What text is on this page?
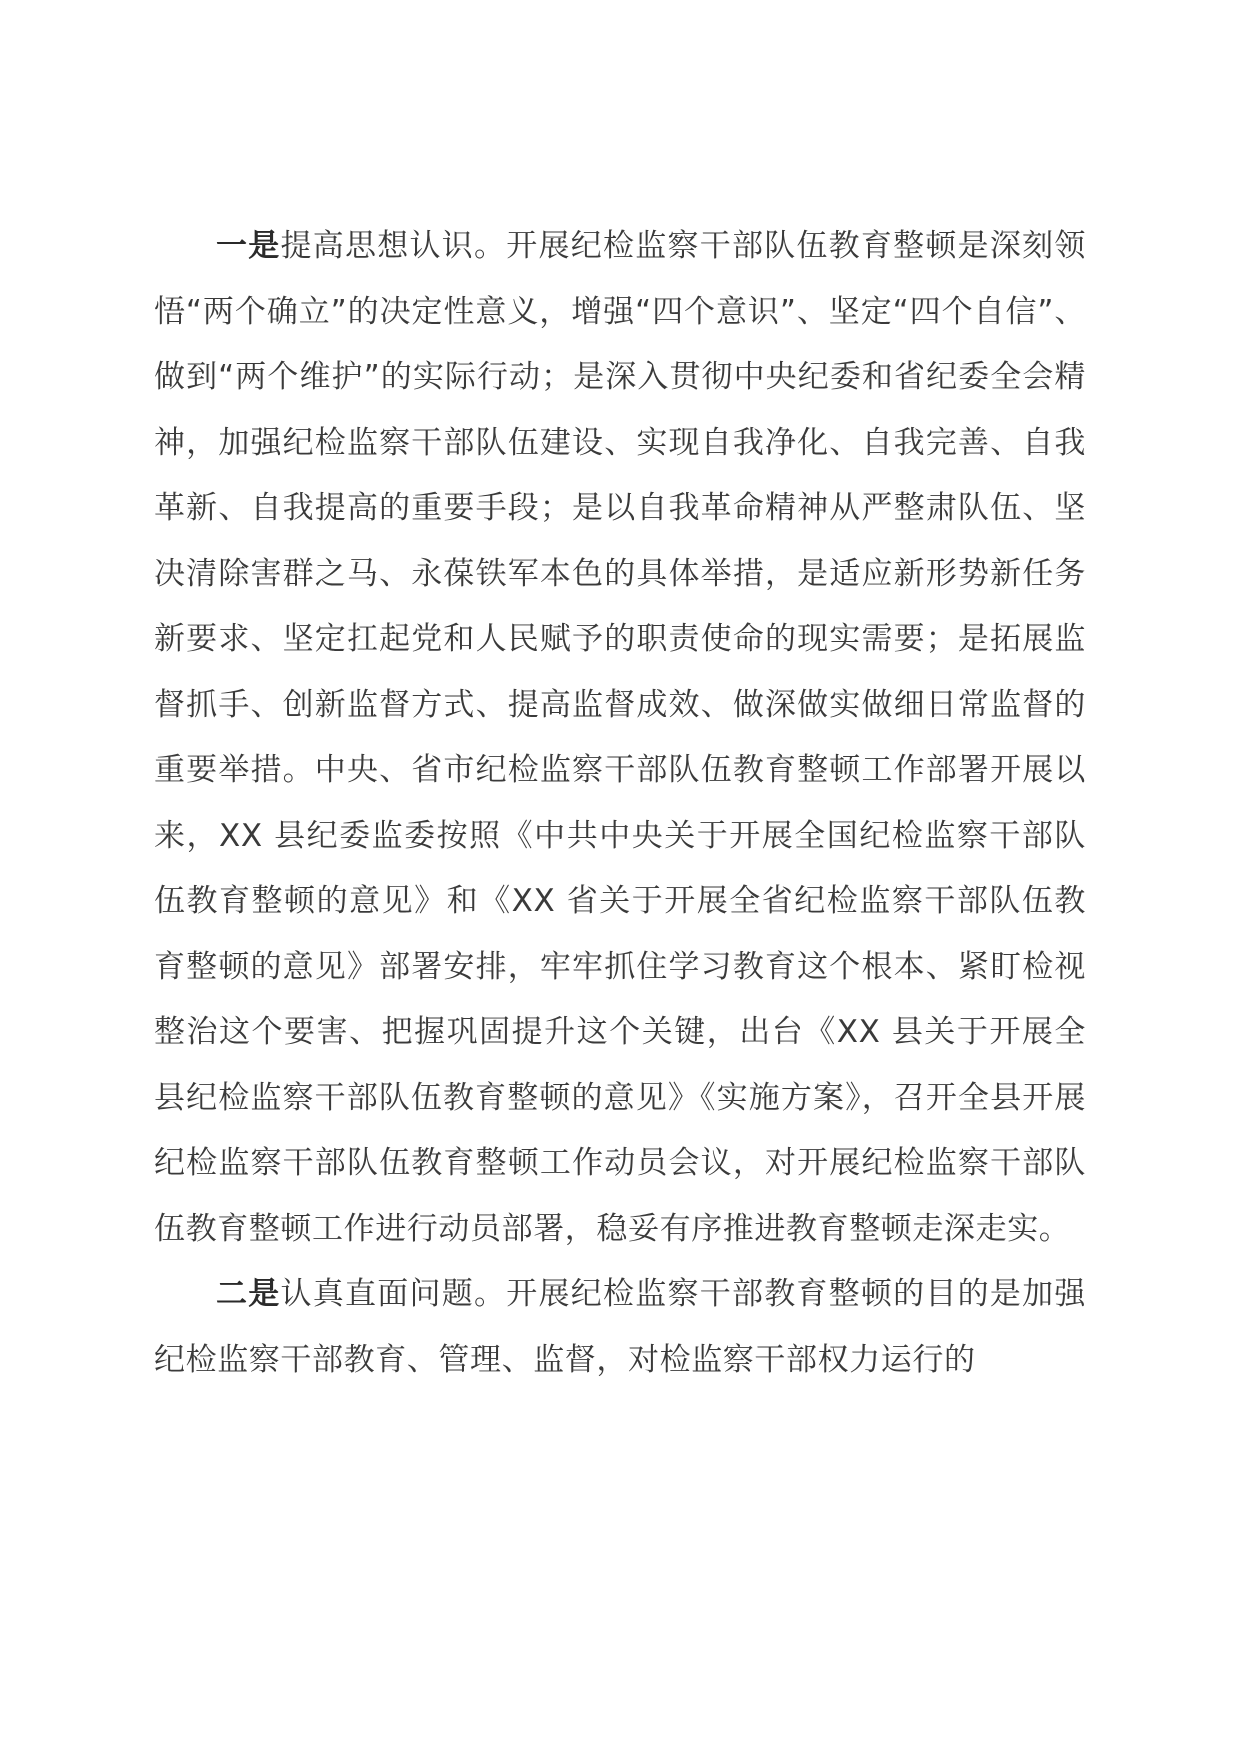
一是提高思想认识。开展纪检监察干部队伍教育整顿是深刻领悟“两个确立”的决定性意义，增强“四个意识”、坚定“四个自信”、做到“两个维护”的实际行动；是深入贯彻中央纪委和省纪委全会精神，加强纪检监察干部队伍建设、实现自我净化、自我完善、自我革新、自我提高的重要手段；是以自我革命精神从严整肃队伍、坚决清除害群之马、永葆铁军本色的具体举措，是适应新形势新任务新要求、坚定扛起党和人民赋予的职责使命的现实需要；是拓展监督抓手、创新监督方式、提高监督成效、做深做实做细日常监督的重要举措。中央、省市纪检监察干部队伍教育整顿工作部署开展以来，XX 县纪委监委按照《中共中央关于开展全国纪检监察干部队伍教育整顿的意见》和《XX 省关于开展全省纪检监察干部队伍教育整顿的意见》部署安排，牢牢抓住学习教育这个根本、紧盯检视整治这个要害、把握巩固提升这个关键，出台《XX 县关于开展全县纪检监察干部队伍教育整顿的意见》《实施方案》，召开全县开展纪检监察干部队伍教育整顿工作动员会议，对开展纪检监察干部队伍教育整顿工作进行动员部署，稳妥有序推进教育整顿走深走实。

二是认真直面问题。开展纪检监察干部教育整顿的目的是加强纪检监察干部教育、管理、监督，对检监察干部权力运行的
